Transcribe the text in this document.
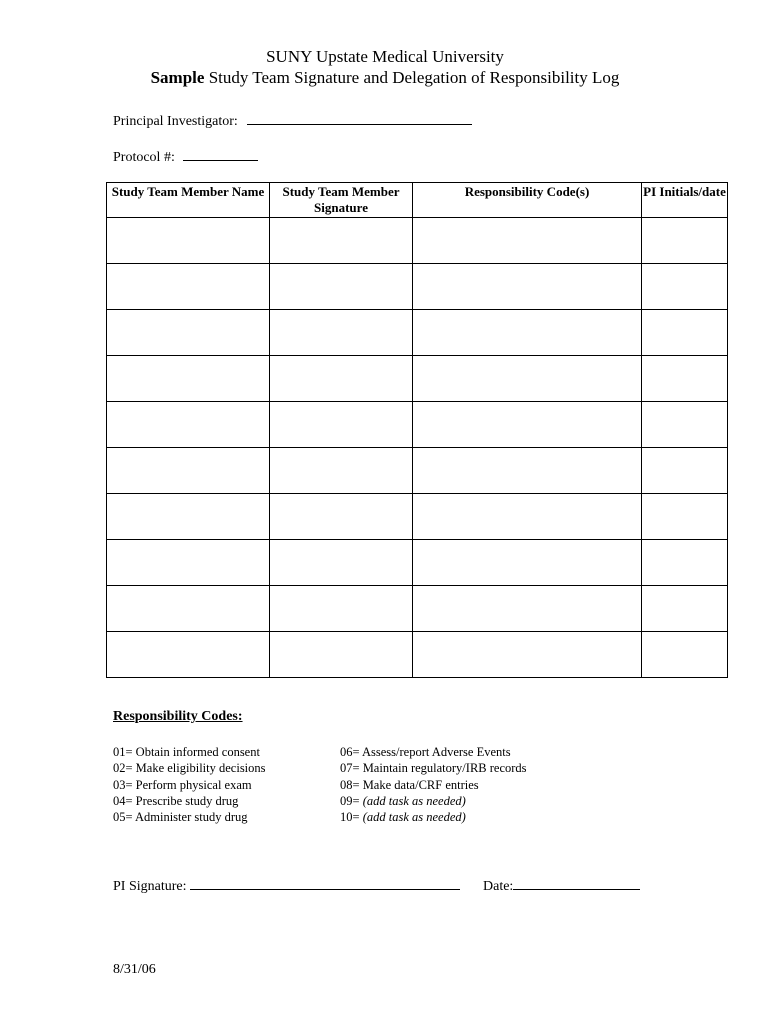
SUNY Upstate Medical University
Sample Study Team Signature and Delegation of Responsibility Log
Principal Investigator:
Protocol #:
Study Team Member Name	Study Team Member Signature	Responsibility Code(s)	PI Initials/date

Responsibility Codes:
01= Obtain informed consent
02= Make eligibility decisions
03= Perform physical exam
04= Prescribe study drug
05= Administer study drug
06= Assess/report Adverse Events
07= Maintain regulatory/IRB records
08= Make data/CRF entries
09= (add task as needed)
10= (add task as needed)
PI Signature:	Date:
8/31/06
